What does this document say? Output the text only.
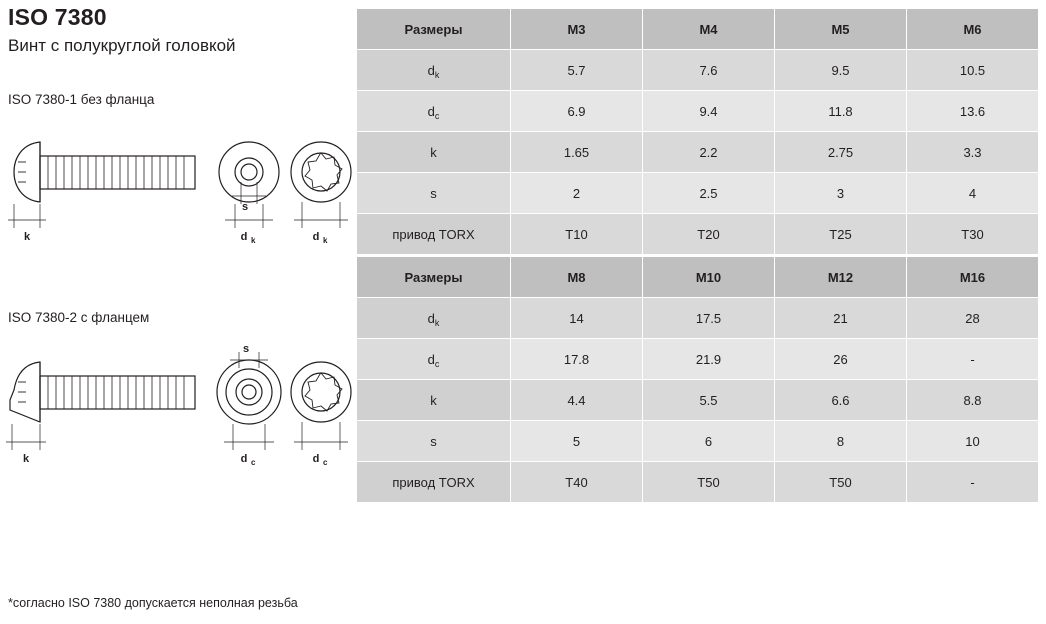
ISO 7380
Винт с полукруглой головкой
ISO 7380-1 без фланца
k
s
d k	d k
ISO 7380-2 с фланцем
k
s
d c	d c
*согласно ISO 7380 допускается неполная резьба
Размеры	M3	M4	M5	M6
$d_k$	5.7	7.6	9.5	10.5
$d_c$	6.9	9.4	11.8	13.6
k	1.65	2.2	2.75	3.3
s	2	2.5	3	4
привод TORX	T10	T20	T25	T30
Размеры	M8	M10	M12	M16
$d_k$	14	17.5	21	28
$d_c$	17.8	21.9	26	-
k	4.4	5.5	6.6	8.8
s	5	6	8	10
привод TORX	T40	T50	T50	-
